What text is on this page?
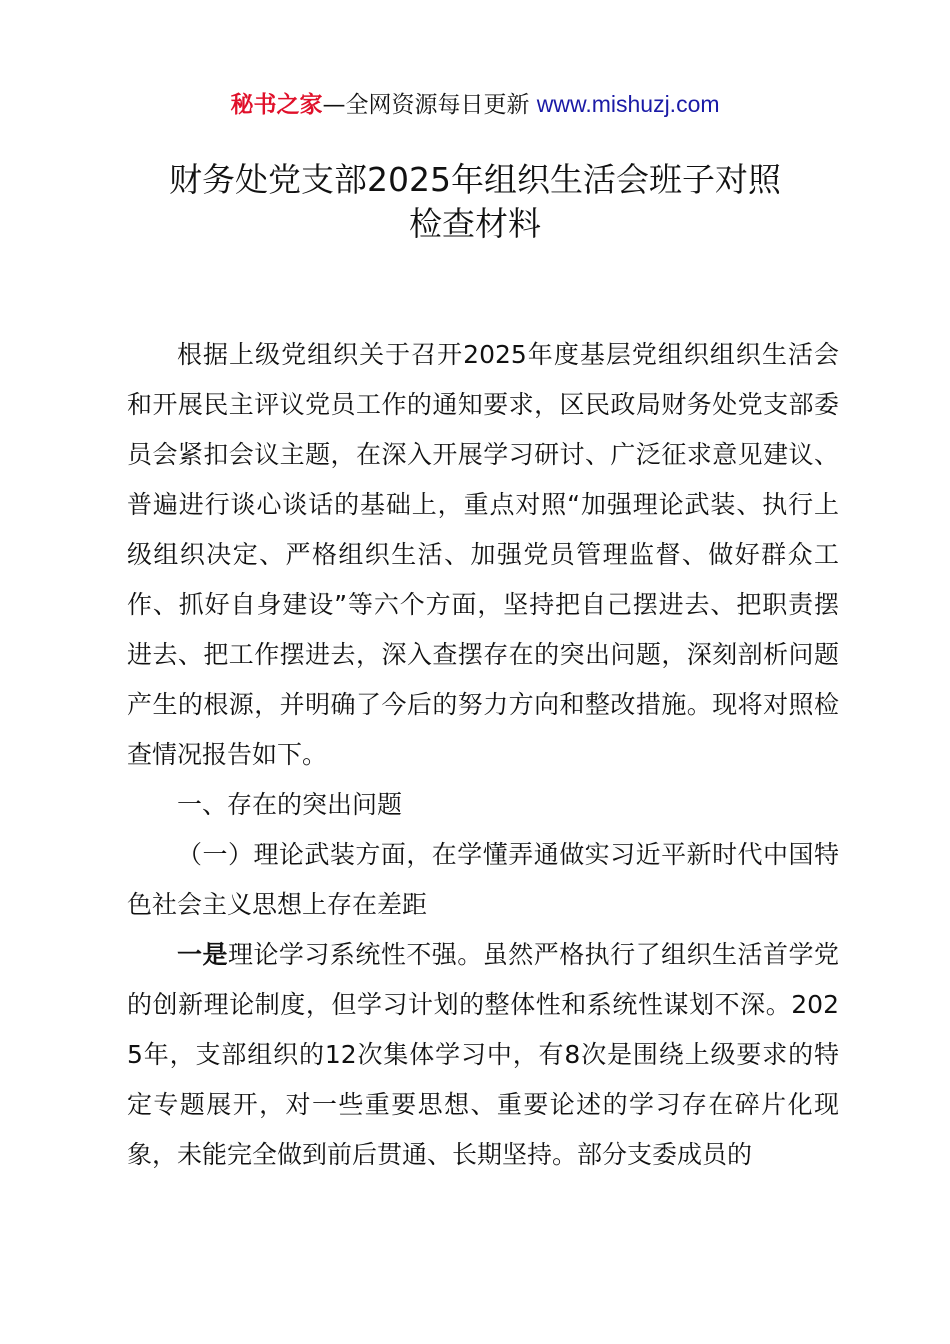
秘书之家—全网资源每日更新 www.mishuzj.com
财务处党支部2025年组织生活会班子对照
检查材料

根据上级党组织关于召开2025年度基层党组织组织生活会和开展民主评议党员工作的通知要求，区民政局财务处党支部委员会紧扣会议主题，在深入开展学习研讨、广泛征求意见建议、普遍进行谈心谈话的基础上，重点对照“加强理论武装、执行上级组织决定、严格组织生活、加强党员管理监督、做好群众工作、抓好自身建设”等六个方面，坚持把自己摆进去、把职责摆进去、把工作摆进去，深入查摆存在的突出问题，深刻剖析问题产生的根源，并明确了今后的努力方向和整改措施。现将对照检查情况报告如下。

一、存在的突出问题

（一）理论武装方面，在学懂弄通做实习近平新时代中国特色社会主义思想上存在差距

一是理论学习系统性不强。虽然严格执行了组织生活首学党的创新理论制度，但学习计划的整体性和系统性谋划不深。2025年，支部组织的12次集体学习中，有8次是围绕上级要求的特定专题展开，对一些重要思想、重要论述的学习存在碎片化现象，未能完全做到前后贯通、长期坚持。部分支委成员的
